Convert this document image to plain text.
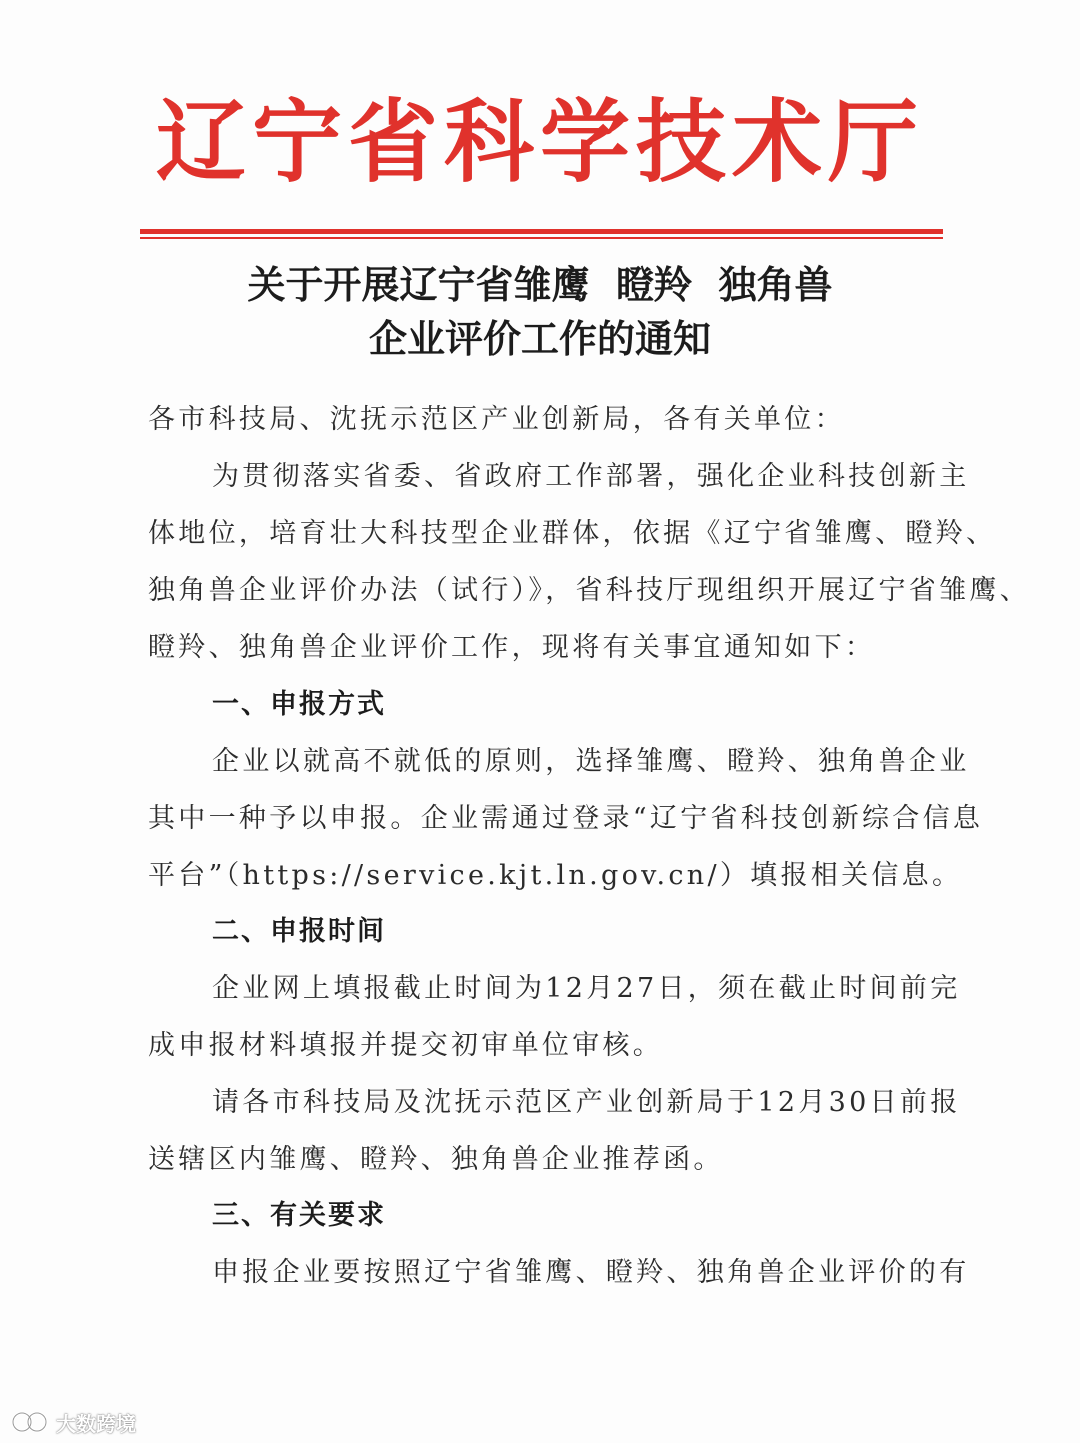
辽宁省科学技术厅
关于开展辽宁省雏鹰  瞪羚  独角兽
企业评价工作的通知
各市科技局、沈抚示范区产业创新局，各有关单位：
为贯彻落实省委、省政府工作部署，强化企业科技创新主
体地位，培育壮大科技型企业群体，依据《辽宁省雏鹰、瞪羚、
独角兽企业评价办法（试行）》，省科技厅现组织开展辽宁省雏鹰、
瞪羚、独角兽企业评价工作，现将有关事宜通知如下：
一、申报方式
企业以就高不就低的原则，选择雏鹰、瞪羚、独角兽企业
其中一种予以申报。企业需通过登录“辽宁省科技创新综合信息
平台”（https://service.kjt.ln.gov.cn/）填报相关信息。
二、申报时间
企业网上填报截止时间为12月27日，须在截止时间前完
成申报材料填报并提交初审单位审核。
请各市科技局及沈抚示范区产业创新局于12月30日前报
送辖区内雏鹰、瞪羚、独角兽企业推荐函。
三、有关要求
申报企业要按照辽宁省雏鹰、瞪羚、独角兽企业评价的有
大数跨境
